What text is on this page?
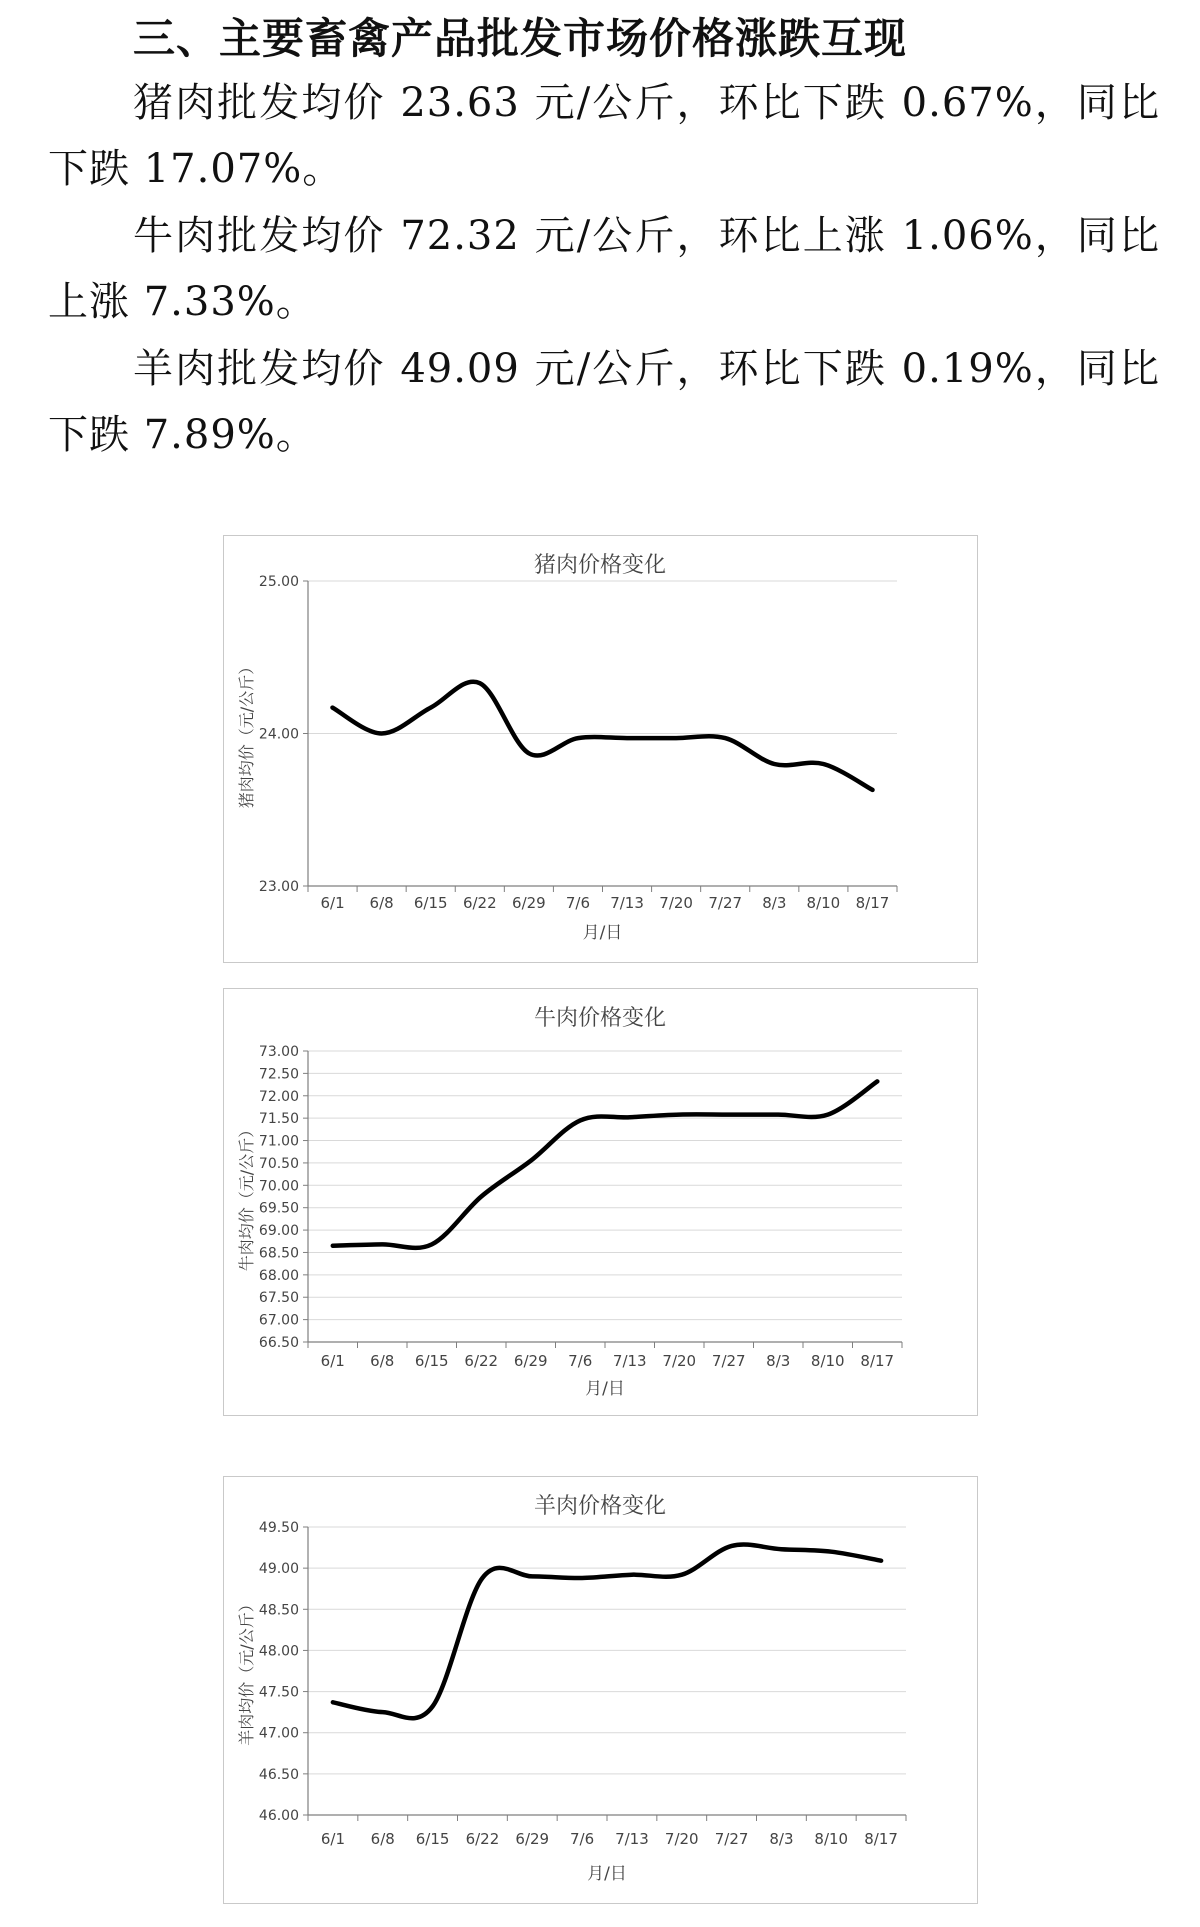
三、主要畜禽产品批发市场价格涨跌互现

猪肉批发均价 23.63 元/公斤，环比下跌 0.67%，同比下跌 17.07%。

牛肉批发均价 72.32 元/公斤，环比上涨 1.06%，同比上涨 7.33%。

羊肉批发均价 49.09 元/公斤，环比下跌 0.19%，同比下跌 7.89%。

猪肉价格变化
23.00
24.00
25.00
6/1 6/8 6/15 6/22 6/29 7/6 7/13 7/20 7/27 8/3 8/10 8/17
月/日
猪肉均价（元/公斤）
牛肉价格变化
66.50
67.00
67.50
68.00
68.50
69.00
69.50
70.00
70.50
71.00
71.50
72.00
72.50
73.00
6/1 6/8 6/15 6/22 6/29 7/6 7/13 7/20 7/27 8/3 8/10 8/17
月/日
牛肉均价（元/公斤）
羊肉价格变化
46.00
46.50
47.00
47.50
48.00
48.50
49.00
49.50
6/1 6/8 6/15 6/22 6/29 7/6 7/13 7/20 7/27 8/3 8/10 8/17
月/日
羊肉均价（元/公斤）
